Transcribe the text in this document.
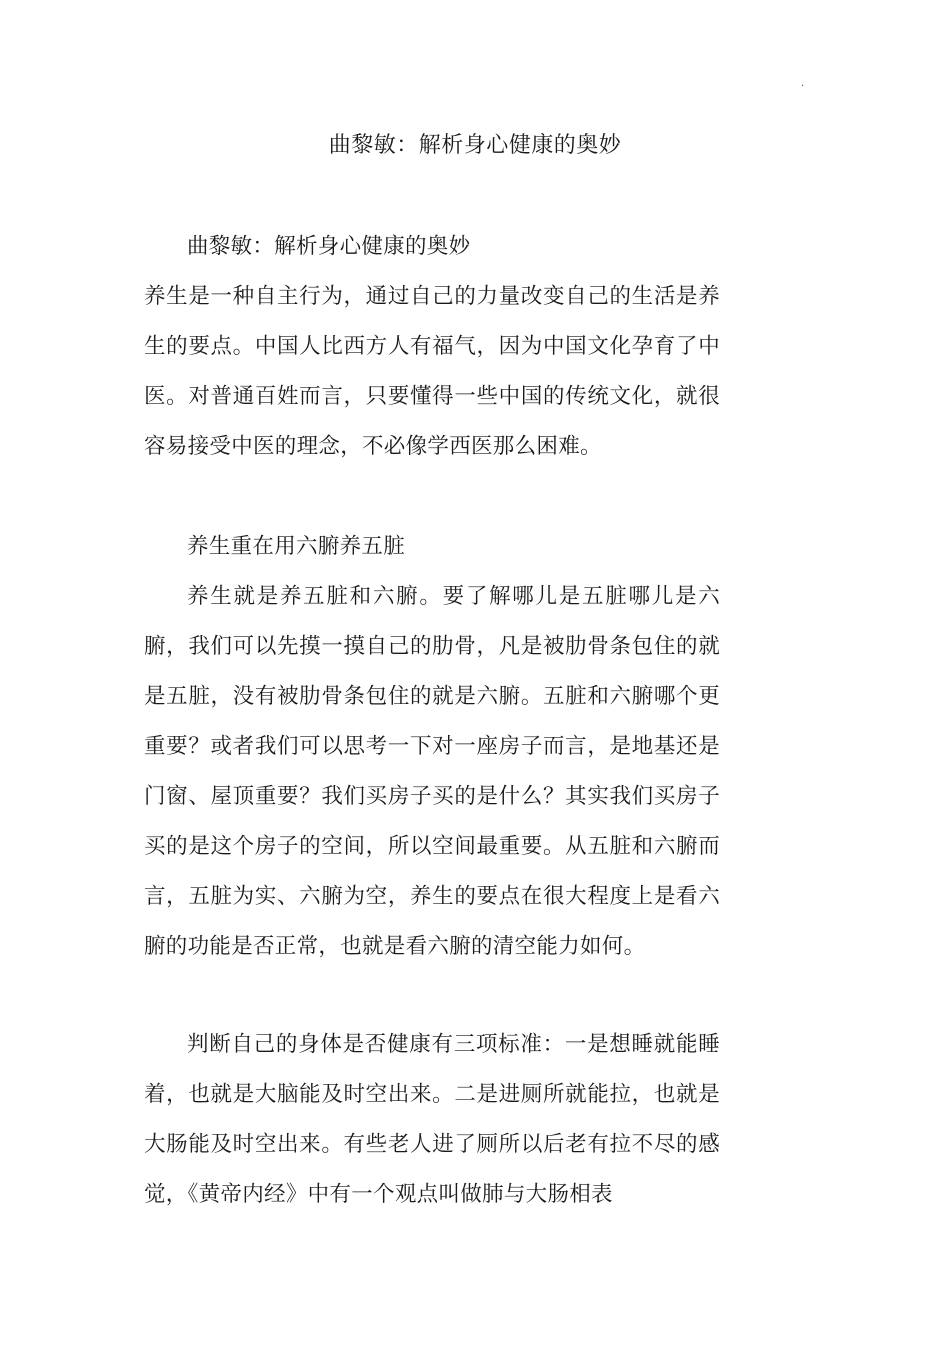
.
曲黎敏：解析身心健康的奥妙

曲黎敏：解析身心健康的奥妙

养生是一种自主行为，通过自己的力量改变自己的生活是养生的要点。中国人比西方人有福气，因为中国文化孕育了中医。对普通百姓而言，只要懂得一些中国的传统文化，就很容易接受中医的理念，不必像学西医那么困难。

养生重在用六腑养五脏

养生就是养五脏和六腑。要了解哪儿是五脏哪儿是六腑，我们可以先摸一摸自己的肋骨，凡是被肋骨条包住的就是五脏，没有被肋骨条包住的就是六腑。五脏和六腑哪个更重要？或者我们可以思考一下对一座房子而言，是地基还是门窗、屋顶重要？我们买房子买的是什么？其实我们买房子买的是这个房子的空间，所以空间最重要。从五脏和六腑而言，五脏为实、六腑为空，养生的要点在很大程度上是看六腑的功能是否正常，也就是看六腑的清空能力如何。

判断自己的身体是否健康有三项标准：一是想睡就能睡着，也就是大脑能及时空出来。二是进厕所就能拉，也就是大肠能及时空出来。有些老人进了厕所以后老有拉不尽的感觉，《黄帝内经》中有一个观点叫做肺与大肠相表
